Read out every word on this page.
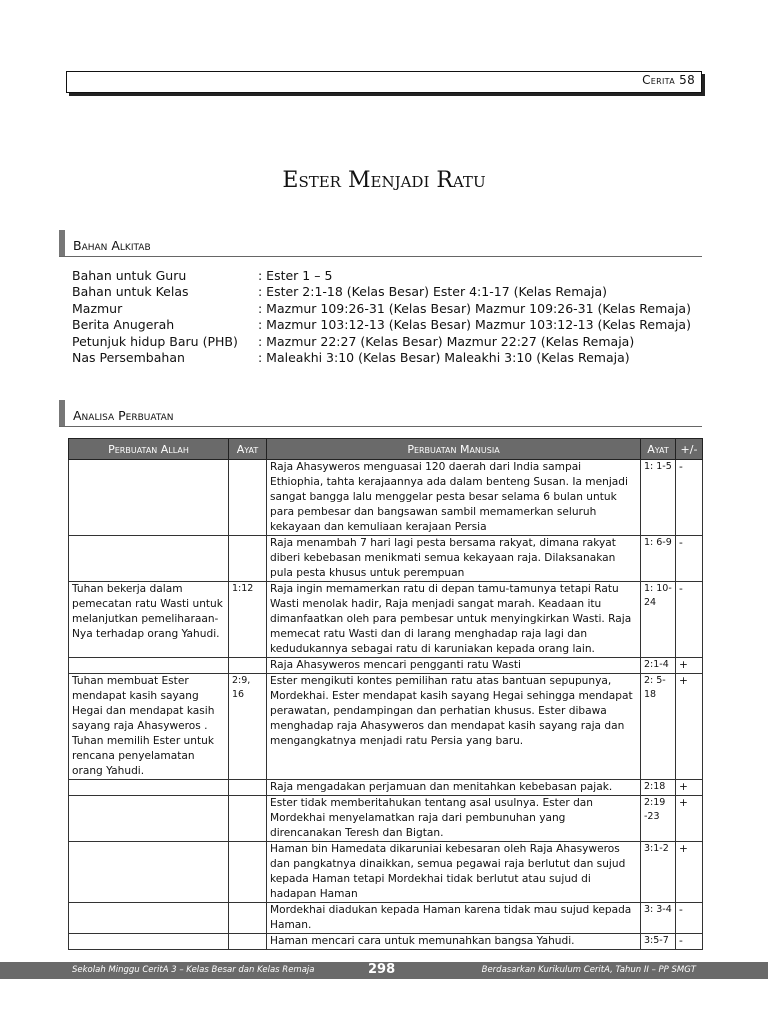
Cerita 58
Ester Menjadi Ratu
Bahan Alkitab
Bahan untuk Guru	: Ester 1 – 5
Bahan untuk Kelas	: Ester 2:1-18 (Kelas Besar) Ester 4:1-17 (Kelas Remaja)
Mazmur	: Mazmur 109:26-31 (Kelas Besar) Mazmur 109:26-31 (Kelas Remaja)
Berita Anugerah	: Mazmur 103:12-13 (Kelas Besar) Mazmur 103:12-13 (Kelas Remaja)
Petunjuk hidup Baru (PHB)	: Mazmur 22:27 (Kelas Besar) Mazmur 22:27 (Kelas Remaja)
Nas Persembahan	: Maleakhi 3:10 (Kelas Besar) Maleakhi 3:10 (Kelas Remaja)
Analisa Perbuatan
Perbuatan Allah	Ayat	Perbuatan Manusia	Ayat	+/-
		Raja Ahasyweros menguasai 120 daerah dari India sampai Ethiophia, tahta kerajaannya ada dalam benteng Susan. Ia menjadi sangat bangga lalu menggelar pesta besar selama 6 bulan untuk para pembesar dan bangsawan sambil memamerkan seluruh kekayaan dan kemuliaan kerajaan Persia	1: 1-5	-
		Raja menambah 7 hari lagi pesta bersama rakyat, dimana rakyat diberi kebebasan menikmati semua kekayaan raja. Dilaksanakan pula pesta khusus untuk perempuan	1: 6-9	-
Tuhan bekerja dalam pemecatan ratu Wasti untuk melanjutkan pemeliharaan-Nya terhadap orang Yahudi.	1:12	Raja ingin memamerkan ratu di depan tamu-tamunya tetapi Ratu Wasti menolak hadir, Raja menjadi sangat marah. Keadaan itu dimanfaatkan oleh para pembesar untuk menyingkirkan Wasti. Raja memecat ratu Wasti dan di larang menghadap raja lagi dan kedudukannya sebagai ratu di karuniakan kepada orang lain.	1: 10-24	-
		Raja Ahasyweros mencari pengganti ratu Wasti	2:1-4	+
Tuhan membuat Ester mendapat kasih sayang Hegai dan mendapat kasih sayang raja Ahasyweros . Tuhan memilih Ester untuk rencana penyelamatan orang Yahudi.	2:9, 16	Ester mengikuti kontes pemilihan ratu atas bantuan sepupunya, Mordekhai. Ester mendapat kasih sayang Hegai sehingga mendapat perawatan, pendampingan dan perhatian khusus. Ester dibawa menghadap raja Ahasyweros dan mendapat kasih sayang raja dan mengangkatnya menjadi ratu Persia yang baru.	2: 5-18	+
		Raja mengadakan perjamuan dan menitahkan kebebasan pajak.	2:18	+
		Ester tidak memberitahukan tentang asal usulnya. Ester dan Mordekhai menyelamatkan raja dari pembunuhan yang direncanakan Teresh dan Bigtan.	2:19 -23	+
		Haman bin Hamedata dikaruniai kebesaran oleh Raja Ahasyweros dan pangkatnya dinaikkan, semua pegawai raja berlutut dan sujud kepada Haman tetapi Mordekhai tidak berlutut atau sujud di hadapan Haman	3:1-2	+
		Mordekhai diadukan kepada Haman karena tidak mau sujud kepada Haman.	3: 3-4	-
		Haman mencari cara untuk memunahkan bangsa Yahudi.	3:5-7	-
Sekolah Minggu CeritA 3 – Kelas Besar dan Kelas Remaja	298	Berdasarkan Kurikulum CeritA, Tahun II – PP SMGT
